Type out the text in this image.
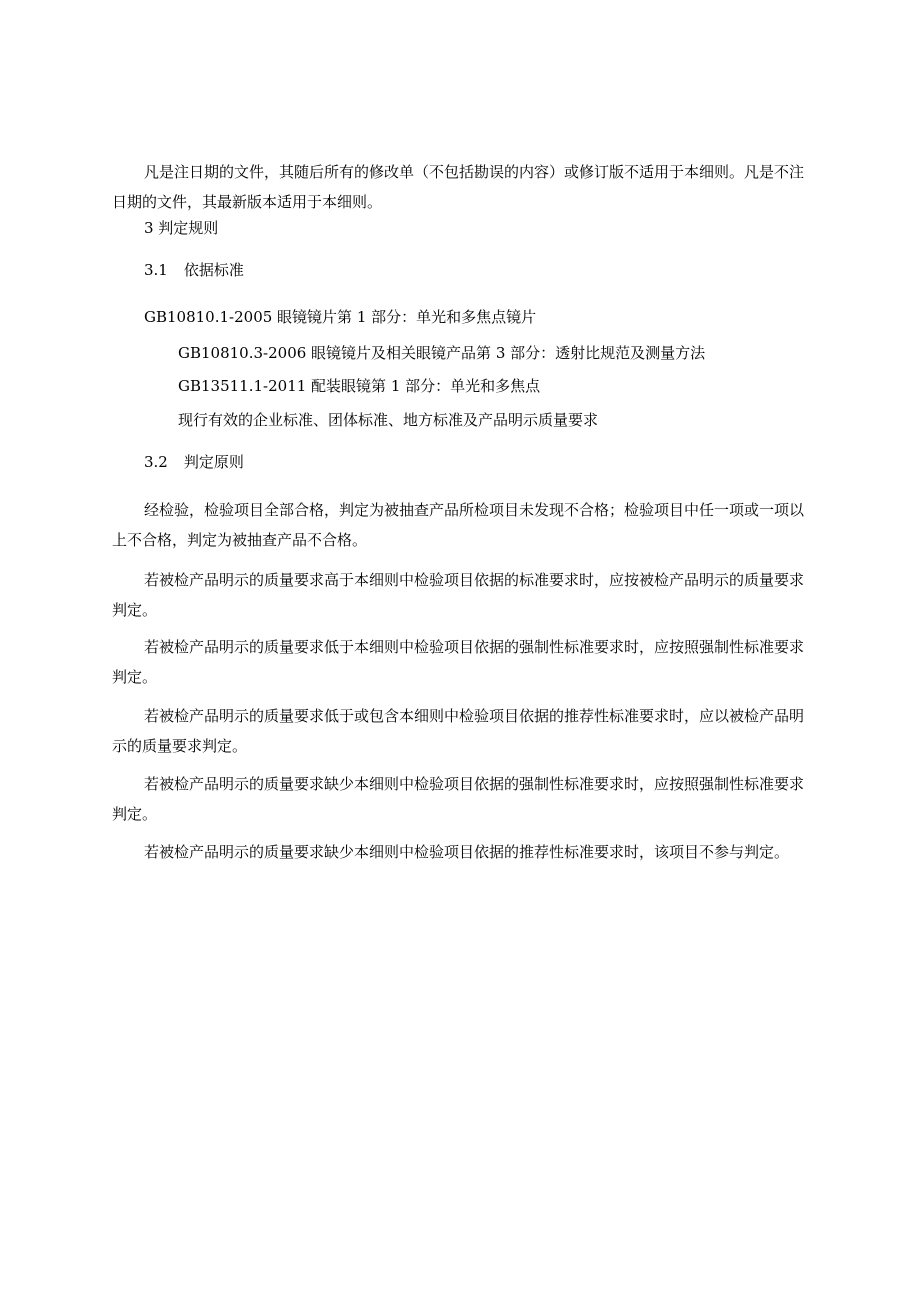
凡是注日期的文件，其随后所有的修改单（不包括勘误的内容）或修订版不适用于本细则。凡是不注日期的文件，其最新版本适用于本细则。

3 判定规则

3.1 依据标准

GB10810.1-2005 眼镜镜片第 1 部分：单光和多焦点镜片

GB10810.3-2006 眼镜镜片及相关眼镜产品第 3 部分：透射比规范及测量方法

GB13511.1-2011 配装眼镜第 1 部分：单光和多焦点

现行有效的企业标准、团体标准、地方标准及产品明示质量要求

3.2 判定原则

经检验，检验项目全部合格，判定为被抽查产品所检项目未发现不合格；检验项目中任一项或一项以上不合格，判定为被抽查产品不合格。

若被检产品明示的质量要求高于本细则中检验项目依据的标准要求时，应按被检产品明示的质量要求判定。

若被检产品明示的质量要求低于本细则中检验项目依据的强制性标准要求时，应按照强制性标准要求判定。

若被检产品明示的质量要求低于或包含本细则中检验项目依据的推荐性标准要求时，应以被检产品明示的质量要求判定。

若被检产品明示的质量要求缺少本细则中检验项目依据的强制性标准要求时，应按照强制性标准要求判定。

若被检产品明示的质量要求缺少本细则中检验项目依据的推荐性标准要求时，该项目不参与判定。
